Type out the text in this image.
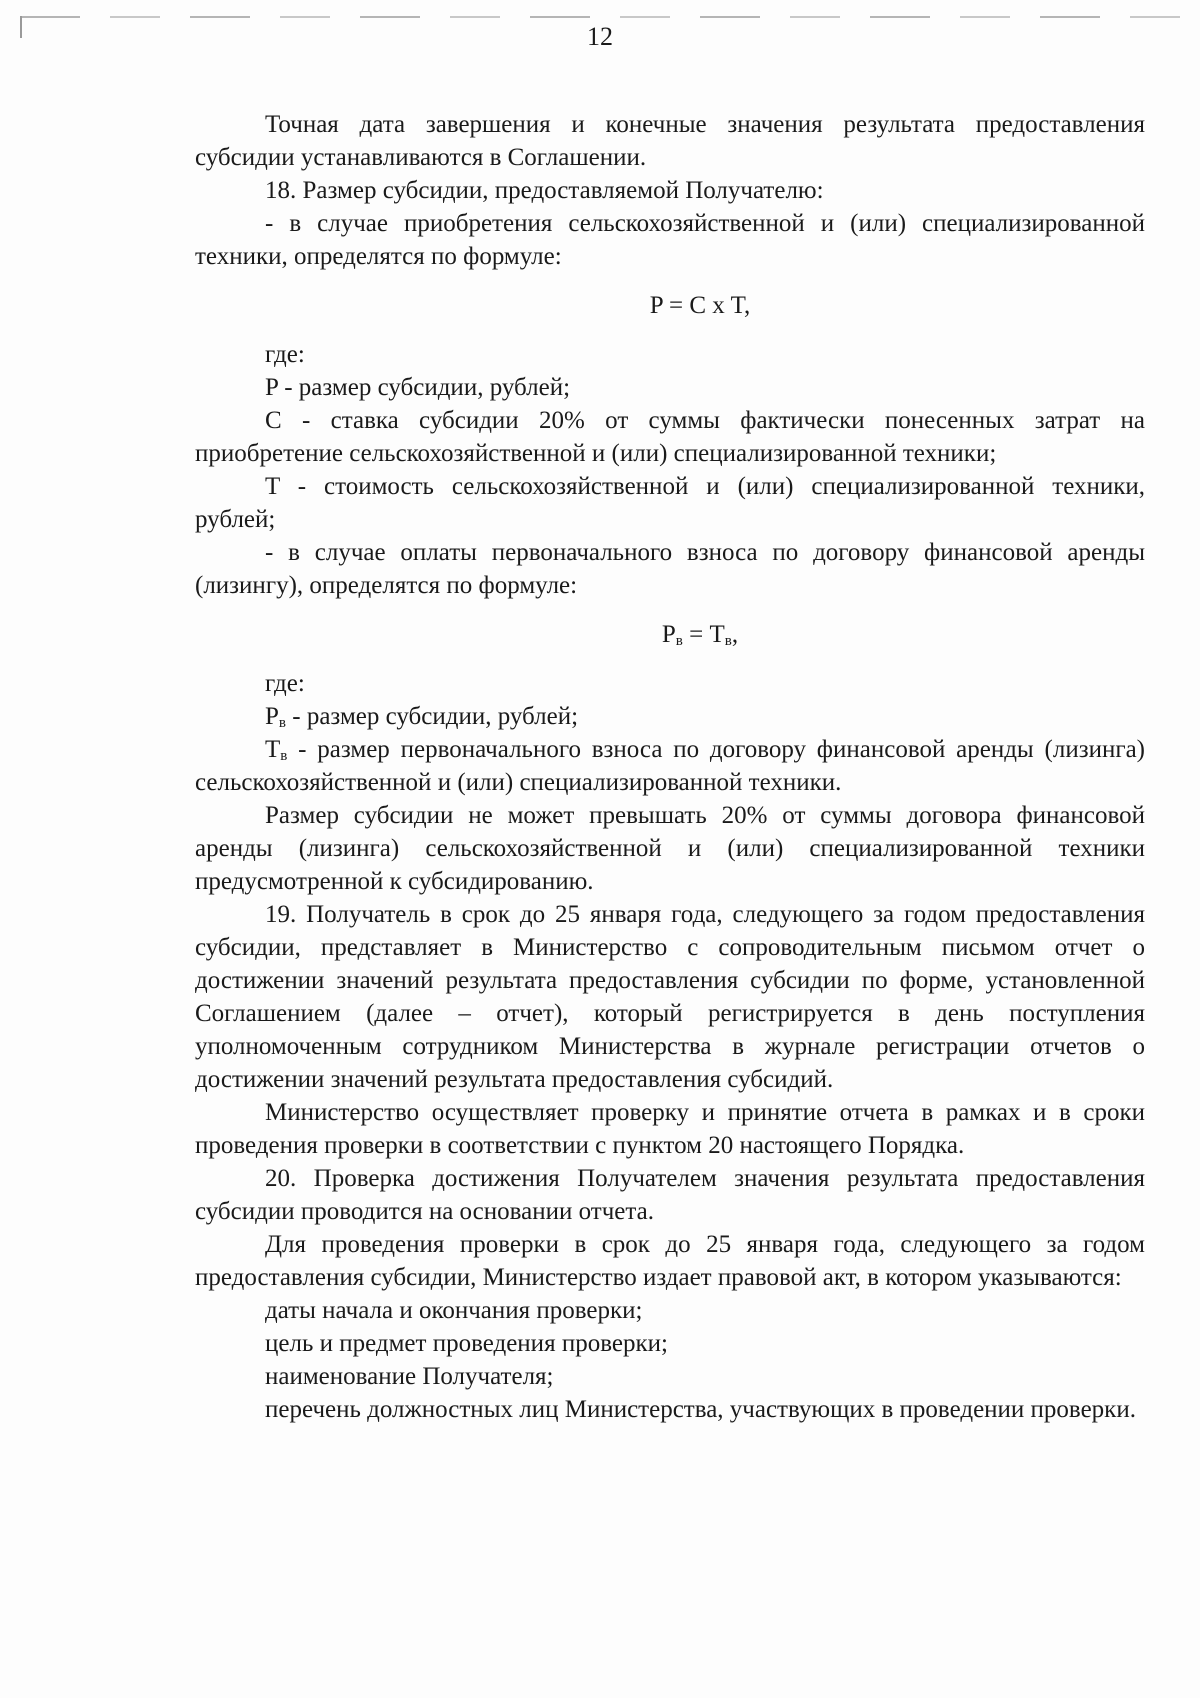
12

Точная дата завершения и конечные значения результата предоставления субсидии устанавливаются в Соглашении.

18. Размер субсидии, предоставляемой Получателю:

- в случае приобретения сельскохозяйственной и (или) специализированной техники, определятся по формуле:

P = C x T,

где:

P - размер субсидии, рублей;

C - ставка субсидии 20% от суммы фактически понесенных затрат на приобретение сельскохозяйственной и (или) специализированной техники;

T - стоимость сельскохозяйственной и (или) специализированной техники, рублей;

- в случае оплаты первоначального взноса по договору финансовой аренды (лизингу), определятся по формуле:

$P_в = T_в$,

где:

$P_в$ - размер субсидии, рублей;

$T_в$ - размер первоначального взноса по договору финансовой аренды (лизинга) сельскохозяйственной и (или) специализированной техники.

Размер субсидии не может превышать 20% от суммы договора финансовой аренды (лизинга) сельскохозяйственной и (или) специализированной техники предусмотренной к субсидированию.

19. Получатель в срок до 25 января года, следующего за годом предоставления субсидии, представляет в Министерство с сопроводительным письмом отчет о достижении значений результата предоставления субсидии по форме, установленной Соглашением (далее – отчет), который регистрируется в день поступления уполномоченным сотрудником Министерства в журнале регистрации отчетов о достижении значений результата предоставления субсидий.

Министерство осуществляет проверку и принятие отчета в рамках и в сроки проведения проверки в соответствии с пунктом 20 настоящего Порядка.

20. Проверка достижения Получателем значения результата предоставления субсидии проводится на основании отчета.

Для проведения проверки в срок до 25 января года, следующего за годом предоставления субсидии, Министерство издает правовой акт, в котором указываются:

даты начала и окончания проверки;

цель и предмет проведения проверки;

наименование Получателя;

перечень должностных лиц Министерства, участвующих в проведении проверки.
